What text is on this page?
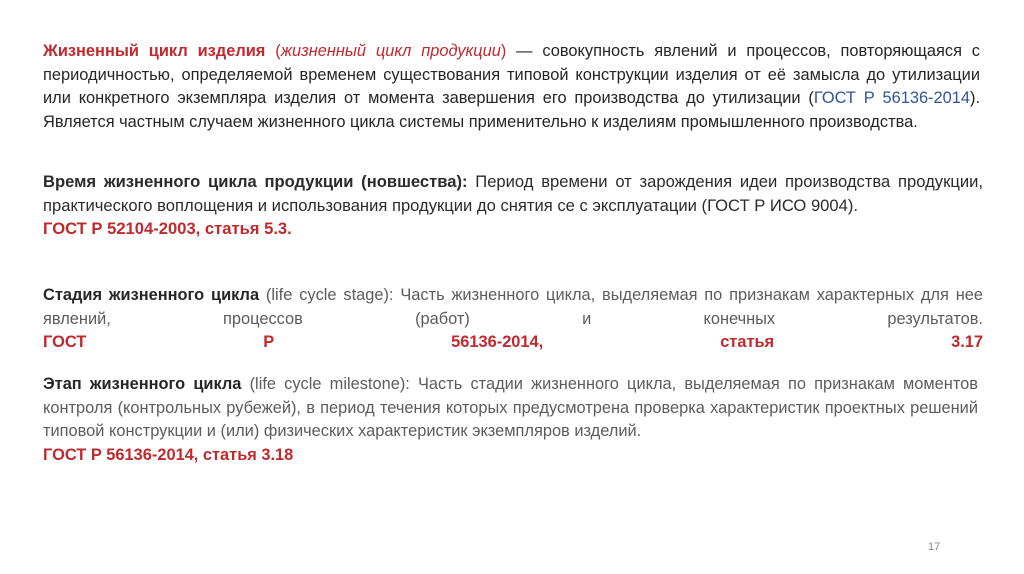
Жизненный цикл изделия (жизненный цикл продукции) — совокупность явлений и процессов, повторяющаяся с периодичностью, определяемой временем существования типовой конструкции изделия от её замысла до утилизации или конкретного экземпляра изделия от момента завершения его производства до утилизации (ГОСТ Р 56136-2014). Является частным случаем жизненного цикла системы применительно к изделиям промышленного производства.

Время жизненного цикла продукции (новшества): Период времени от зарождения идеи производства продукции, практического воплощения и использования продукции до снятия се с эксплуатации (ГОСТ Р ИСО 9004).
ГОСТ Р 52104-2003, статья 5.3.

Стадия жизненного цикла (life cycle stage): Часть жизненного цикла, выделяемая по признакам характерных для нее явлений, процессов (работ) и конечных результатов.
ГОСТ Р 56136-2014, статья 3.17

Этап жизненного цикла (life cycle milestone): Часть стадии жизненного цикла, выделяемая по признакам моментов контроля (контрольных рубежей), в период течения которых предусмотрена проверка характеристик проектных решений типовой конструкции и (или) физических характеристик экземпляров изделий.
ГОСТ Р 56136-2014, статья 3.18

17
